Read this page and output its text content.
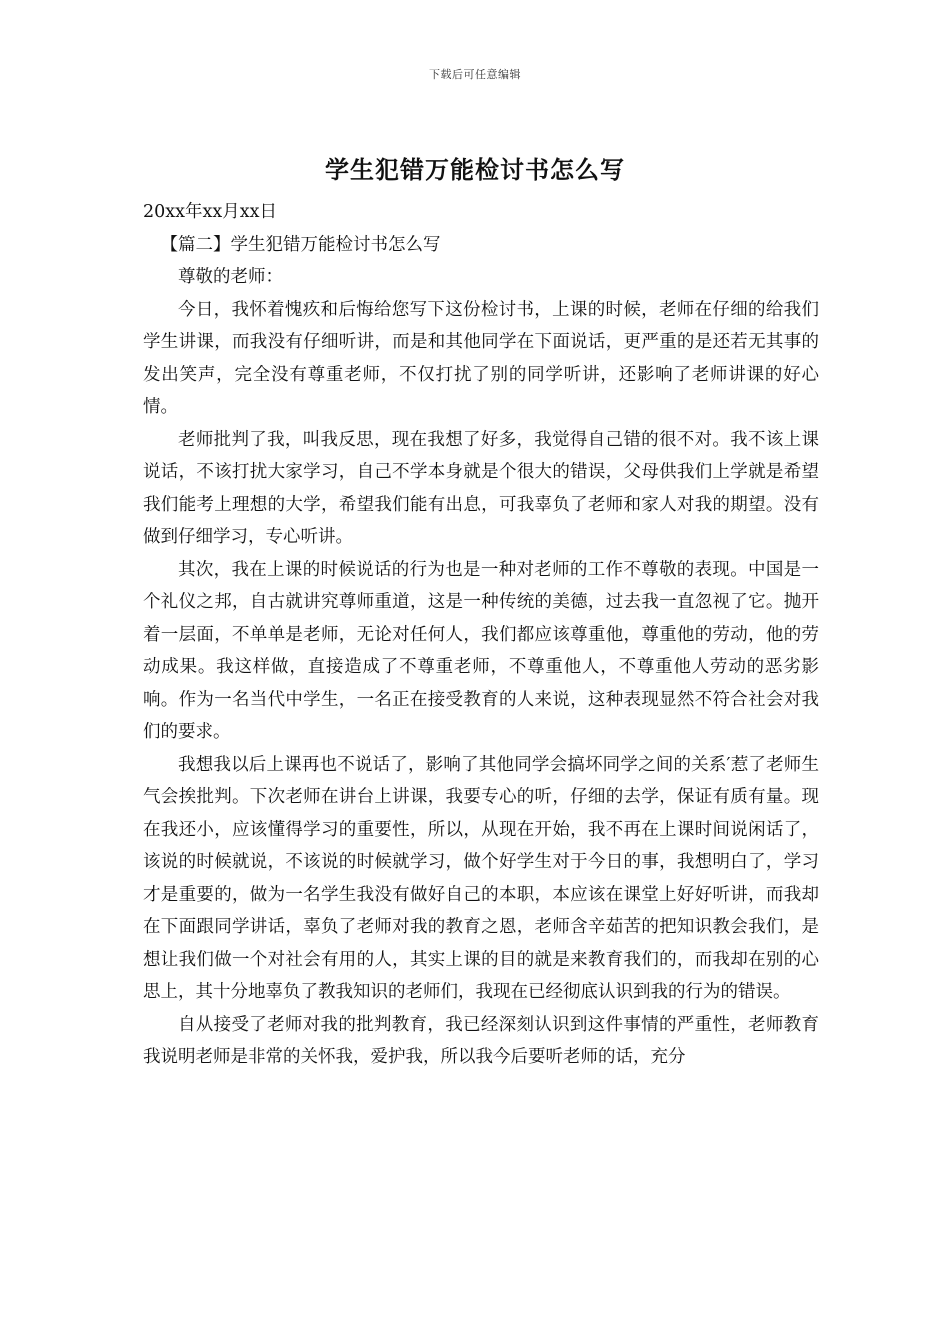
下载后可任意编辑
学生犯错万能检讨书怎么写

20xx年xx月xx日

【篇二】学生犯错万能检讨书怎么写

尊敬的老师：

今日，我怀着愧疚和后悔给您写下这份检讨书，上课的时候，老师在仔细的给我们学生讲课，而我没有仔细听讲，而是和其他同学在下面说话，更严重的是还若无其事的发出笑声，完全没有尊重老师，不仅打扰了别的同学听讲，还影响了老师讲课的好心情。

老师批判了我，叫我反思，现在我想了好多，我觉得自己错的很不对。我不该上课说话，不该打扰大家学习，自己不学本身就是个很大的错误，父母供我们上学就是希望我们能考上理想的大学，希望我们能有出息，可我辜负了老师和家人对我的期望。没有做到仔细学习，专心听讲。

其次，我在上课的时候说话的行为也是一种对老师的工作不尊敬的表现。中国是一个礼仪之邦，自古就讲究尊师重道，这是一种传统的美德，过去我一直忽视了它。抛开着一层面，不单单是老师，无论对任何人，我们都应该尊重他，尊重他的劳动，他的劳动成果。我这样做，直接造成了不尊重老师，不尊重他人，不尊重他人劳动的恶劣影响。作为一名当代中学生，一名正在接受教育的人来说，这种表现显然不符合社会对我们的要求。

我想我以后上课再也不说话了，影响了其他同学会搞坏同学之间的关系′惹了老师生气会挨批判。下次老师在讲台上讲课，我要专心的听，仔细的去学，保证有质有量。现在我还小，应该懂得学习的重要性，所以，从现在开始，我不再在上课时间说闲话了，该说的时候就说，不该说的时候就学习，做个好学生对于今日的事，我想明白了，学习才是重要的，做为一名学生我没有做好自己的本职，本应该在课堂上好好听讲，而我却在下面跟同学讲话，辜负了老师对我的教育之恩，老师含辛茹苦的把知识教会我们，是想让我们做一个对社会有用的人，其实上课的目的就是来教育我们的，而我却在别的心思上，其十分地辜负了教我知识的老师们，我现在已经彻底认识到我的行为的错误。

自从接受了老师对我的批判教育，我已经深刻认识到这件事情的严重性，老师教育我说明老师是非常的关怀我，爱护我，所以我今后要听老师的话，充分
